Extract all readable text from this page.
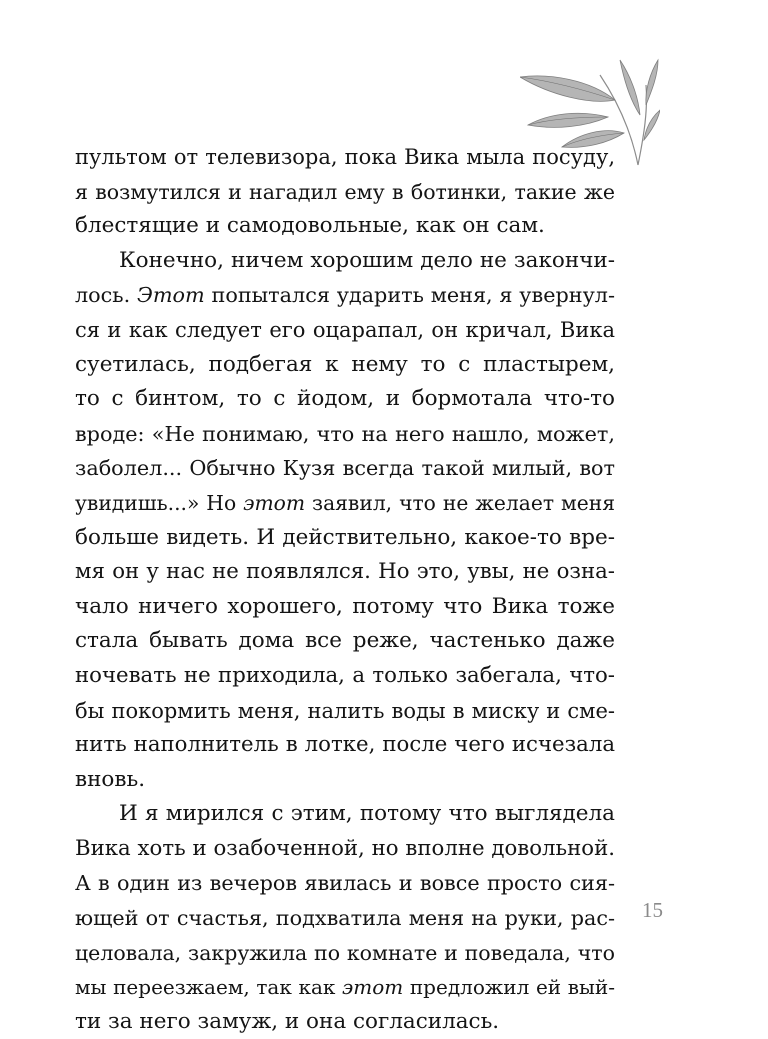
пультом от телевизора, пока Вика мыла посуду,
я возмутился и нагадил ему в ботинки, такие же
блестящие и самодовольные, как он сам.
Конечно, ничем хорошим дело не закончи-
лось. Этот попытался ударить меня, я увернул-
ся и как следует его оцарапал, он кричал, Вика
суетилась, подбегая к нему то с пластырем,
то с бинтом, то с йодом, и бормотала что-то
вроде: «Не понимаю, что на него нашло, может,
заболел... Обычно Кузя всегда такой милый, вот
увидишь...» Но этот заявил, что не желает меня
больше видеть. И действительно, какое-то вре-
мя он у нас не появлялся. Но это, увы, не озна-
чало ничего хорошего, потому что Вика тоже
стала бывать дома все реже, частенько даже
ночевать не приходила, а только забегала, что-
бы покормить меня, налить воды в миску и сме-
нить наполнитель в лотке, после чего исчезала
вновь.
И я мирился с этим, потому что выглядела
Вика хоть и озабоченной, но вполне довольной.
А в один из вечеров явилась и вовсе просто сия-
ющей от счастья, подхватила меня на руки, рас-
целовала, закружила по комнате и поведала, что
мы переезжаем, так как этот предложил ей вый-
ти за него замуж, и она согласилась.
15
